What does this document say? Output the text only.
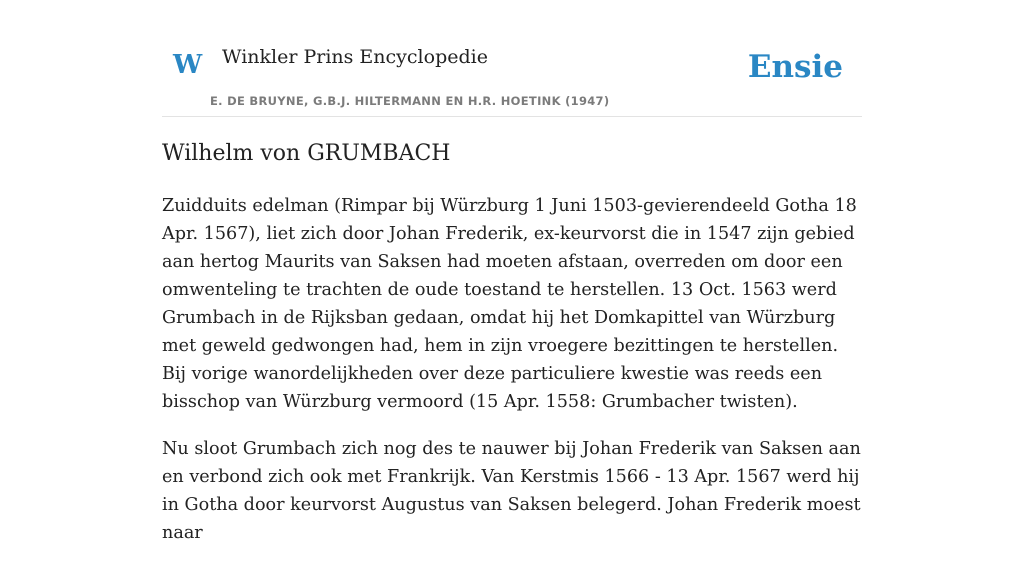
W Winkler Prins Encyclopedie
E. DE BRUYNE, G.B.J. HILTERMANN EN H.R. HOETINK (1947)
Ensie
Wilhelm von GRUMBACH

Zuidduits edelman (Rimpar bij Würzburg 1 Juni 1503-gevierendeeld Gotha 18 Apr. 1567), liet zich door Johan Frederik, ex-keurvorst die in 1547 zijn gebied aan hertog Maurits van Saksen had moeten afstaan, overreden om door een omwenteling te trachten de oude toestand te herstellen. 13 Oct. 1563 werd Grumbach in de Rijksban gedaan, omdat hij het Domkapittel van Würzburg met geweld gedwongen had, hem in zijn vroegere bezittingen te herstellen. Bij vorige wanordelijkheden over deze particuliere kwestie was reeds een bisschop van Würzburg vermoord (15 Apr. 1558: Grumbacher twisten).

Nu sloot Grumbach zich nog des te nauwer bij Johan Frederik van Saksen aan en verbond zich ook met Frankrijk. Van Kerstmis 1566 - 13 Apr. 1567 werd hij in Gotha door keurvorst Augustus van Saksen belegerd. Johan Frederik moest naar
